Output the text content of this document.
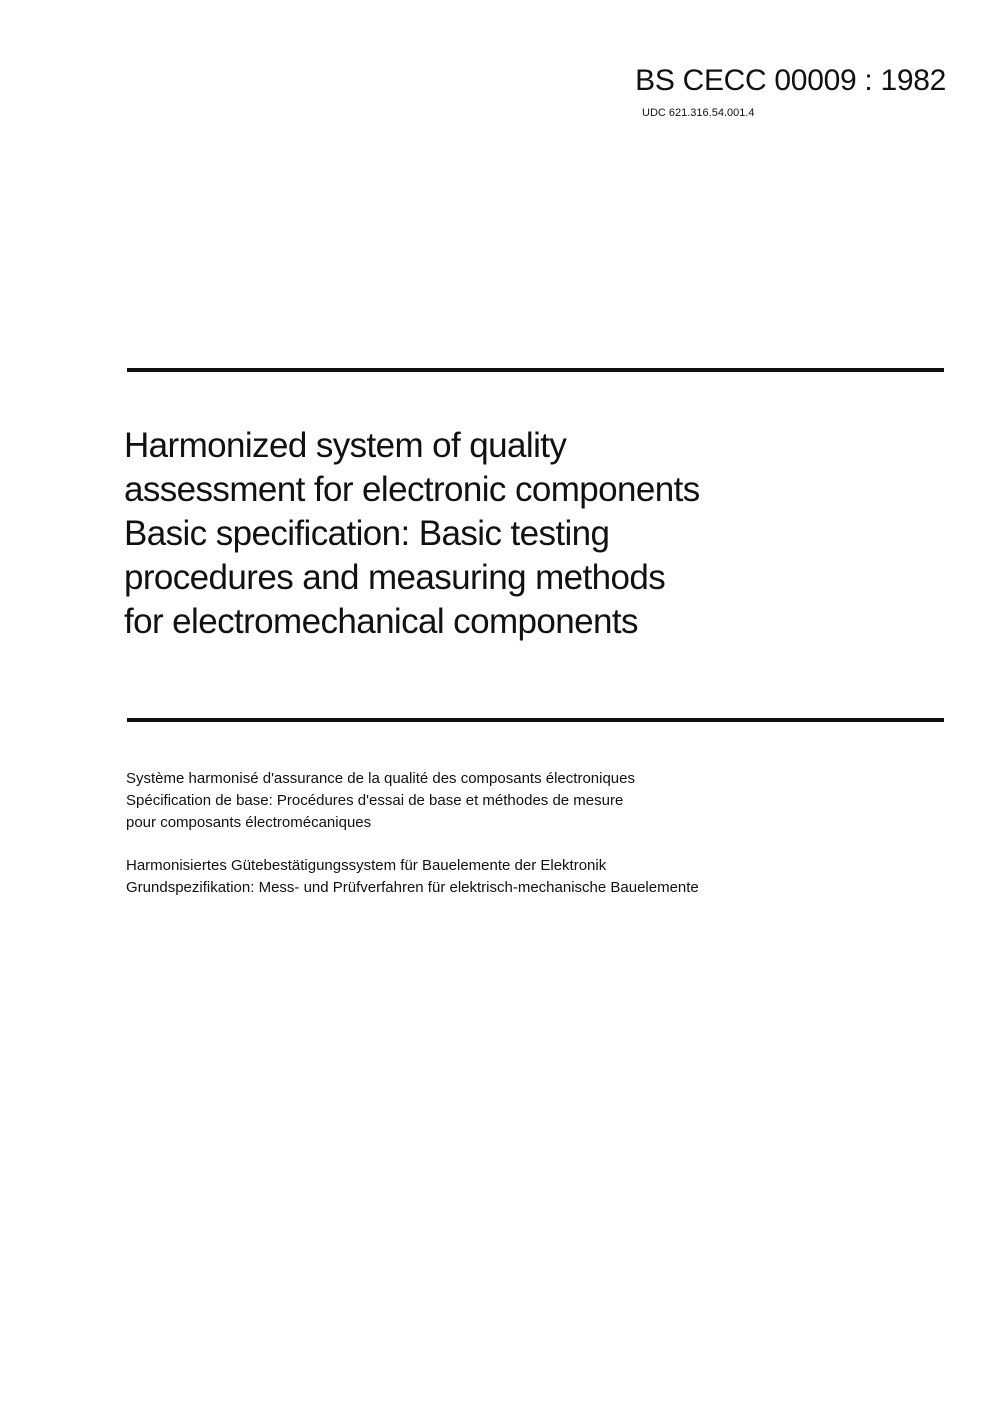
BS CECC 00009 : 1982
UDC 621.316.54.001.4
Harmonized system of quality
assessment for electronic components
Basic specification: Basic testing
procedures and measuring methods
for electromechanical components
Système harmonisé d'assurance de la qualité des composants électroniques
Spécification de base: Procédures d'essai de base et méthodes de mesure
pour composants électromécaniques
Harmonisiertes Gütebestätigungssystem für Bauelemente der Elektronik
Grundspezifikation: Mess- und Prüfverfahren für elektrisch-mechanische Bauelemente
